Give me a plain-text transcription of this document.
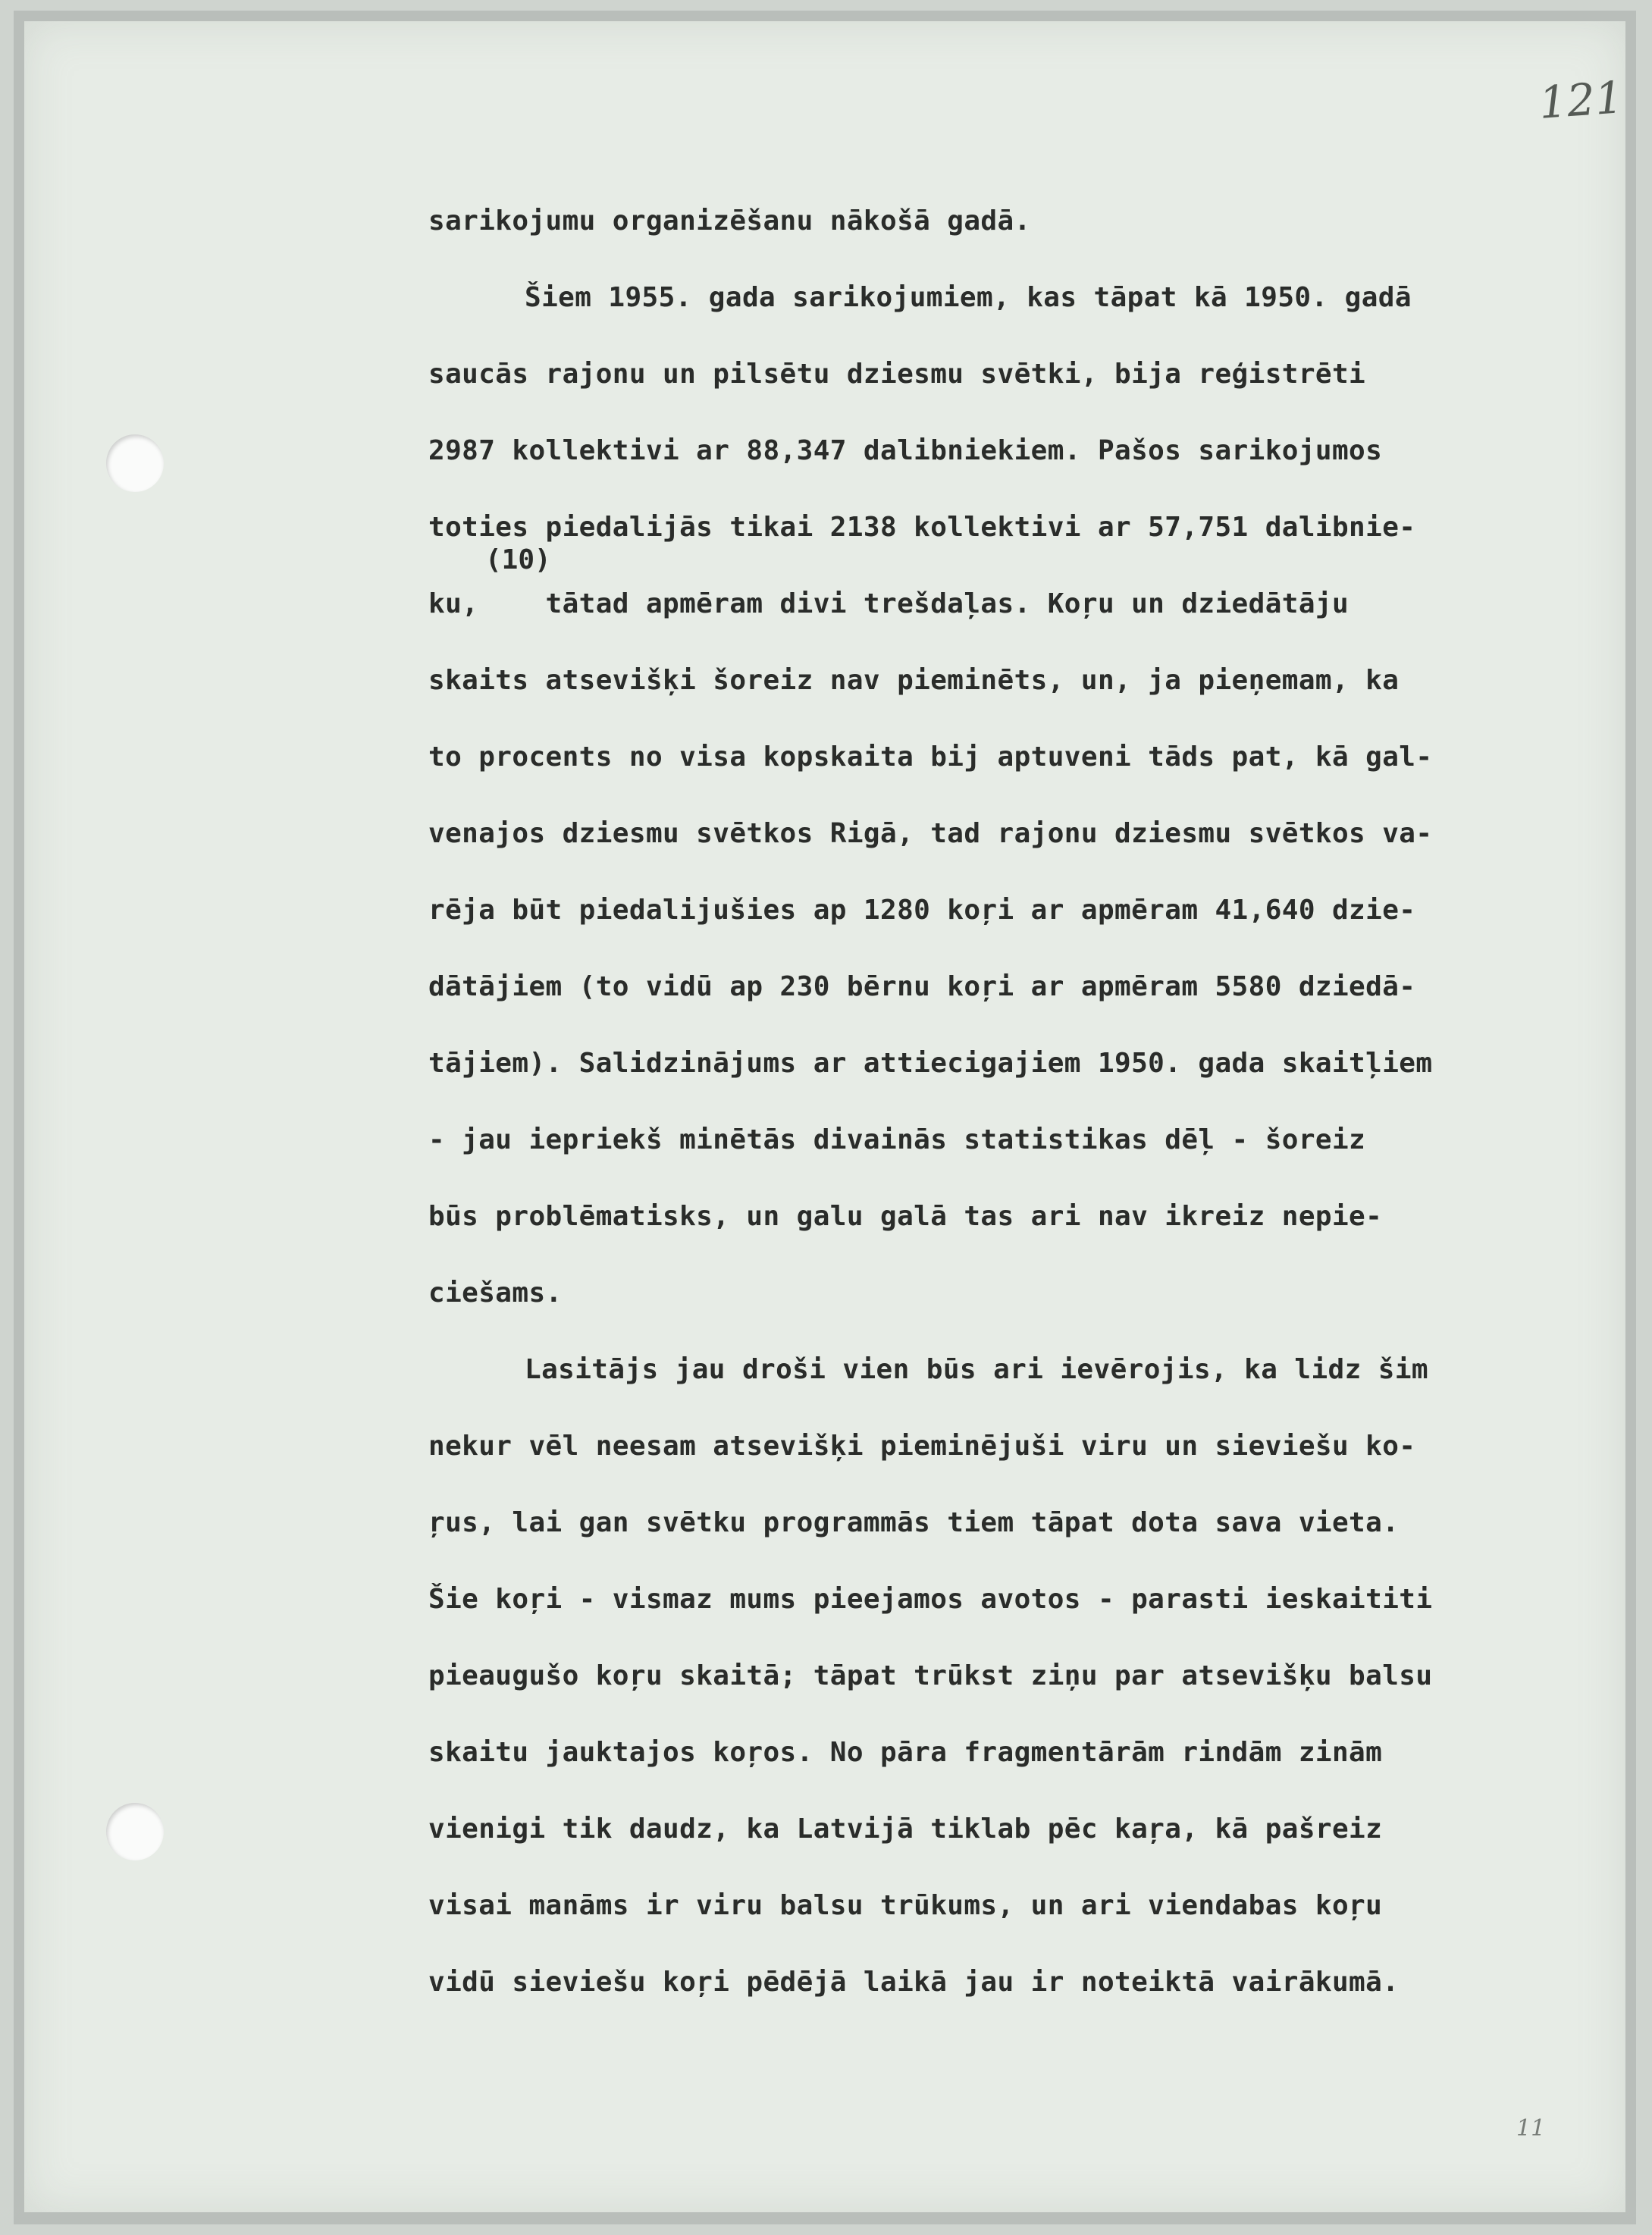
121
11
(10)
sarikojumu organizēšanu nākošā gadā.
Šiem 1955. gada sarikojumiem, kas tāpat kā 1950. gadā
saucās rajonu un pilsētu dziesmu svētki, bija reģistrēti
2987 kollektivi ar 88,347 dalibniekiem. Pašos sarikojumos
toties piedalijās tikai 2138 kollektivi ar 57,751 dalibnie-
ku,    tātad apmēram divi trešdaļas. Koŗu un dziedātāju
skaits atsevišķi šoreiz nav pieminēts, un, ja pieņemam, ka
to procents no visa kopskaita bij aptuveni tāds pat, kā gal-
venajos dziesmu svētkos Rigā, tad rajonu dziesmu svētkos va-
rēja būt piedalijušies ap 1280 koŗi ar apmēram 41,640 dzie-
dātājiem (to vidū ap 230 bērnu koŗi ar apmēram 5580 dziedā-
tājiem). Salidzinājums ar attiecigajiem 1950. gada skaitļiem
- jau iepriekš minētās divainās statistikas dēļ - šoreiz
būs problēmatisks, un galu galā tas ari nav ikreiz nepie-
ciešams.
Lasitājs jau droši vien būs ari ievērojis, ka lidz šim
nekur vēl neesam atsevišķi pieminējuši viru un sieviešu ko-
ŗus, lai gan svētku programmās tiem tāpat dota sava vieta.
Šie koŗi - vismaz mums pieejamos avotos - parasti ieskaititi
pieaugušo koŗu skaitā; tāpat trūkst ziņu par atsevišķu balsu
skaitu jauktajos koŗos. No pāra fragmentārām rindām zinām
vienigi tik daudz, ka Latvijā tiklab pēc kaŗa, kā pašreiz
visai manāms ir viru balsu trūkums, un ari viendabas koŗu
vidū sieviešu koŗi pēdējā laikā jau ir noteiktā vairākumā.
